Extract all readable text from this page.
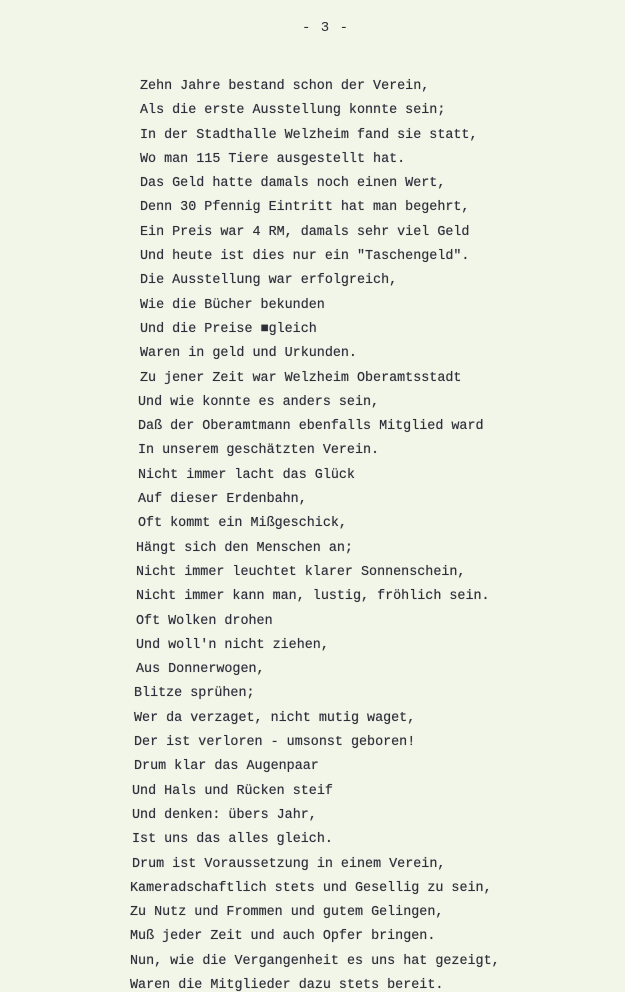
- 3 -
Zehn Jahre bestand schon der Verein,
Als die erste Ausstellung konnte sein;
In der Stadthalle Welzheim fand sie statt,
Wo man 115 Tiere ausgestellt hat.
Das Geld hatte damals noch einen Wert,
Denn 30 Pfennig Eintritt hat man begehrt,
Ein Preis war 4 RM, damals sehr viel Geld
Und heute ist dies nur ein "Taschengeld".
Die Ausstellung war erfolgreich,
Wie die Bücher bekunden
Und die Preise ■gleich
Waren in geld und Urkunden.
Zu jener Zeit war Welzheim Oberamtsstadt
Und wie konnte es anders sein,
Daß der Oberamtmann ebenfalls Mitglied ward
In unserem geschätzten Verein.
Nicht immer lacht das Glück
Auf dieser Erdenbahn,
Oft kommt ein Mißgeschick,
Hängt sich den Menschen an;
Nicht immer leuchtet klarer Sonnenschein,
Nicht immer kann man, lustig, fröhlich sein.
Oft Wolken drohen
Und woll'n nicht ziehen,
Aus Donnerwogen,
Blitze sprühen;
Wer da verzaget, nicht mutig waget,
Der ist verloren - umsonst geboren!
Drum klar das Augenpaar
Und Hals und Rücken steif
Und denken: übers Jahr,
Ist uns das alles gleich.
Drum ist Voraussetzung in einem Verein,
Kameradschaftlich stets und Gesellig zu sein,
Zu Nutz und Frommen und gutem Gelingen,
Muß jeder Zeit und auch Opfer bringen.
Nun, wie die Vergangenheit es uns hat gezeigt,
Waren die Mitglieder dazu stets bereit.
